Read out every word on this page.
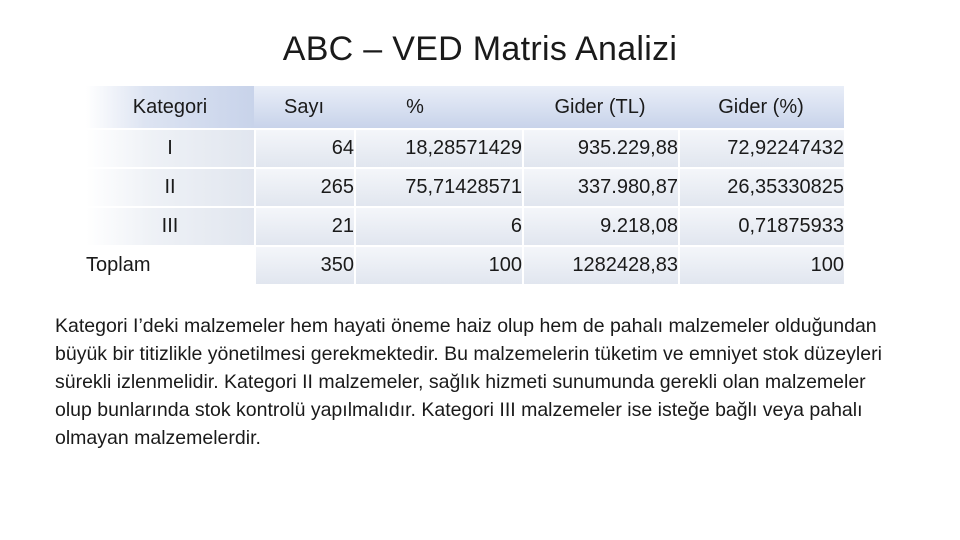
ABC – VED Matris Analizi
Kategori	Sayı	%	Gider (TL)	Gider (%)
I	64	18,28571429	935.229,88	72,92247432
II	265	75,71428571	337.980,87	26,35330825
III	21	6	9.218,08	0,71875933
Toplam	350	100	1282428,83	100

Kategori I’deki malzemeler hem hayati öneme haiz olup hem de pahalı malzemeler olduğundan büyük bir titizlikle yönetilmesi gerekmektedir. Bu malzemelerin tüketim ve emniyet stok düzeyleri sürekli izlenmelidir. Kategori II malzemeler, sağlık hizmeti sunumunda gerekli olan malzemeler olup bunlarında stok kontrolü yapılmalıdır. Kategori III malzemeler ise isteğe bağlı veya pahalı olmayan malzemelerdir.
